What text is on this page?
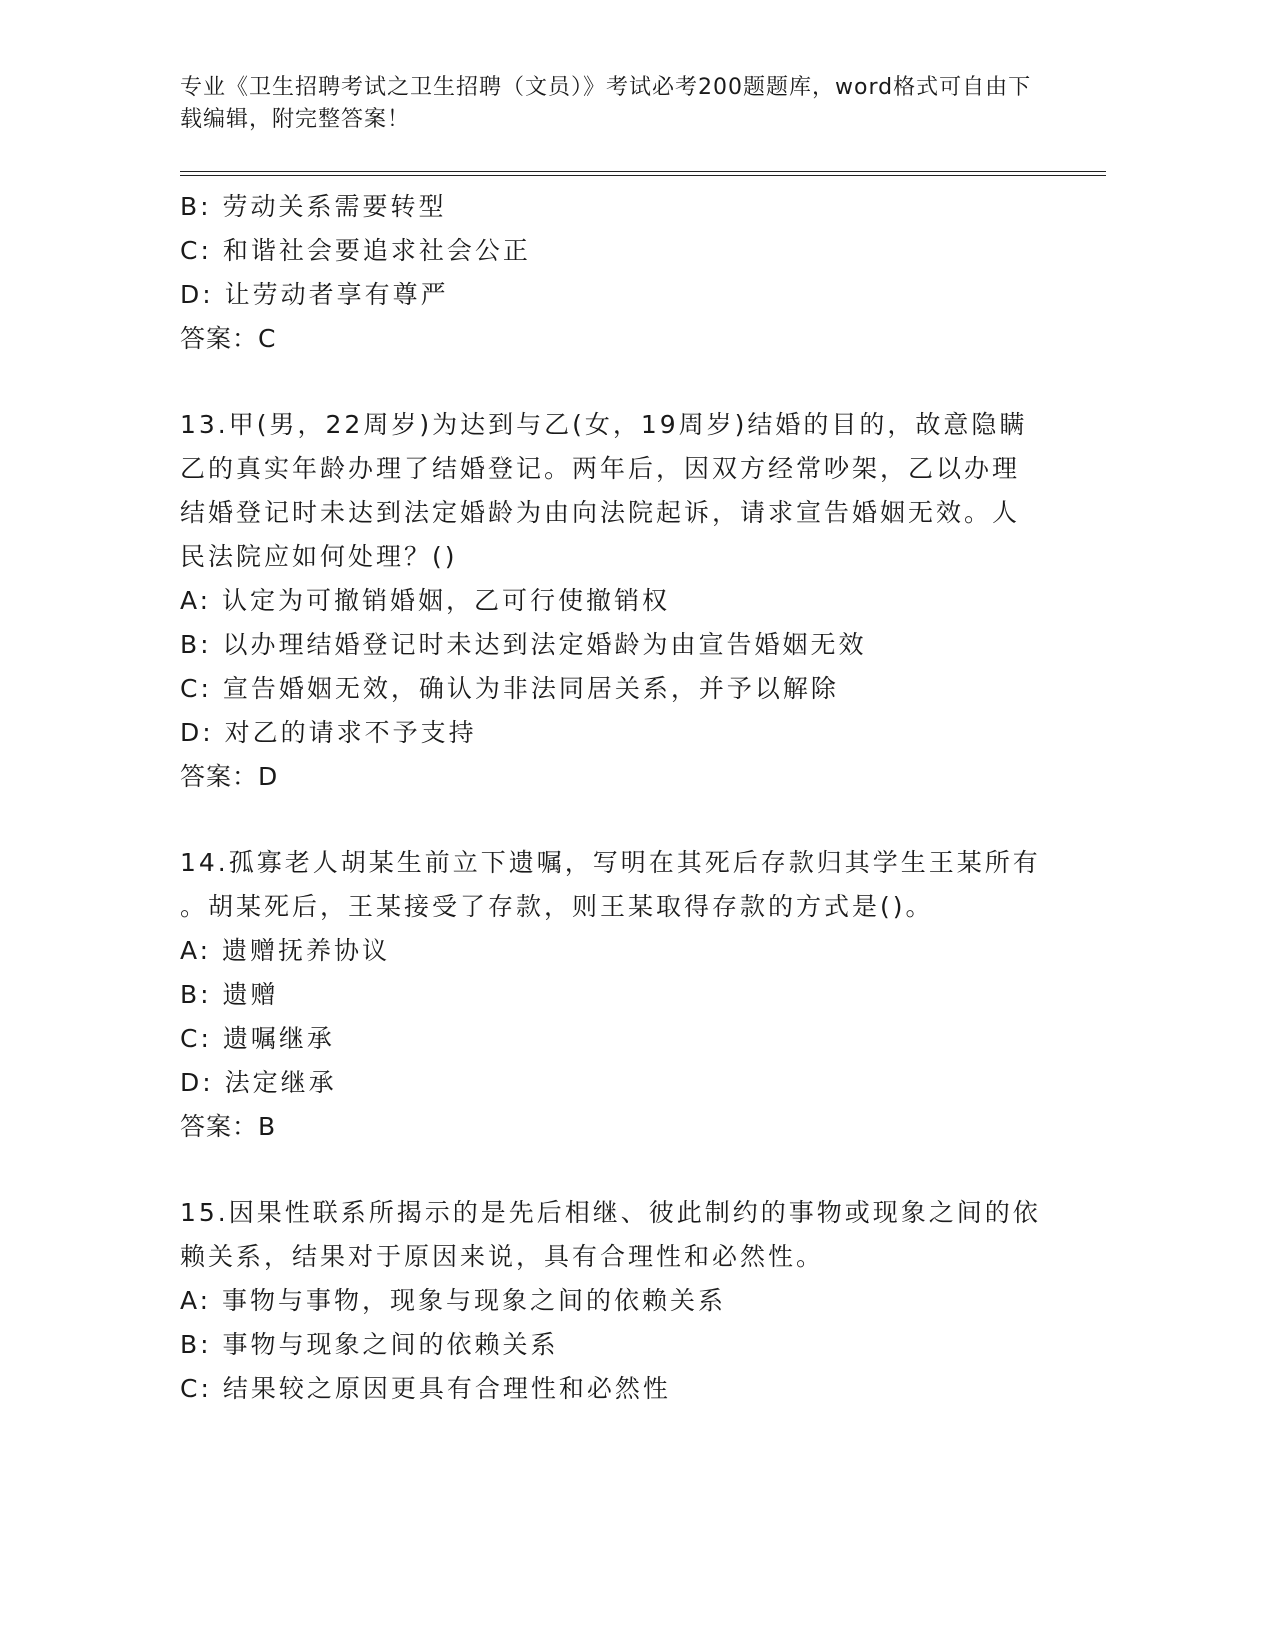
专业《卫生招聘考试之卫生招聘（文员）》考试必考200题题库，word格式可自由下载编辑，附完整答案！
B: 劳动关系需要转型
C: 和谐社会要追求社会公正
D: 让劳动者享有尊严
答案：C
13.甲(男，22周岁)为达到与乙(女，19周岁)结婚的目的，故意隐瞒
乙的真实年龄办理了结婚登记。两年后，因双方经常吵架，乙以办理
结婚登记时未达到法定婚龄为由向法院起诉，请求宣告婚姻无效。人
民法院应如何处理？()
A: 认定为可撤销婚姻，乙可行使撤销权
B: 以办理结婚登记时未达到法定婚龄为由宣告婚姻无效
C: 宣告婚姻无效，确认为非法同居关系，并予以解除
D: 对乙的请求不予支持
答案：D
14.孤寡老人胡某生前立下遗嘱，写明在其死后存款归其学生王某所有
。胡某死后，王某接受了存款，则王某取得存款的方式是()。
A: 遗赠抚养协议
B: 遗赠
C: 遗嘱继承
D: 法定继承
答案：B
15.因果性联系所揭示的是先后相继、彼此制约的事物或现象之间的依
赖关系，结果对于原因来说，具有合理性和必然性。
A: 事物与事物，现象与现象之间的依赖关系
B: 事物与现象之间的依赖关系
C: 结果较之原因更具有合理性和必然性
